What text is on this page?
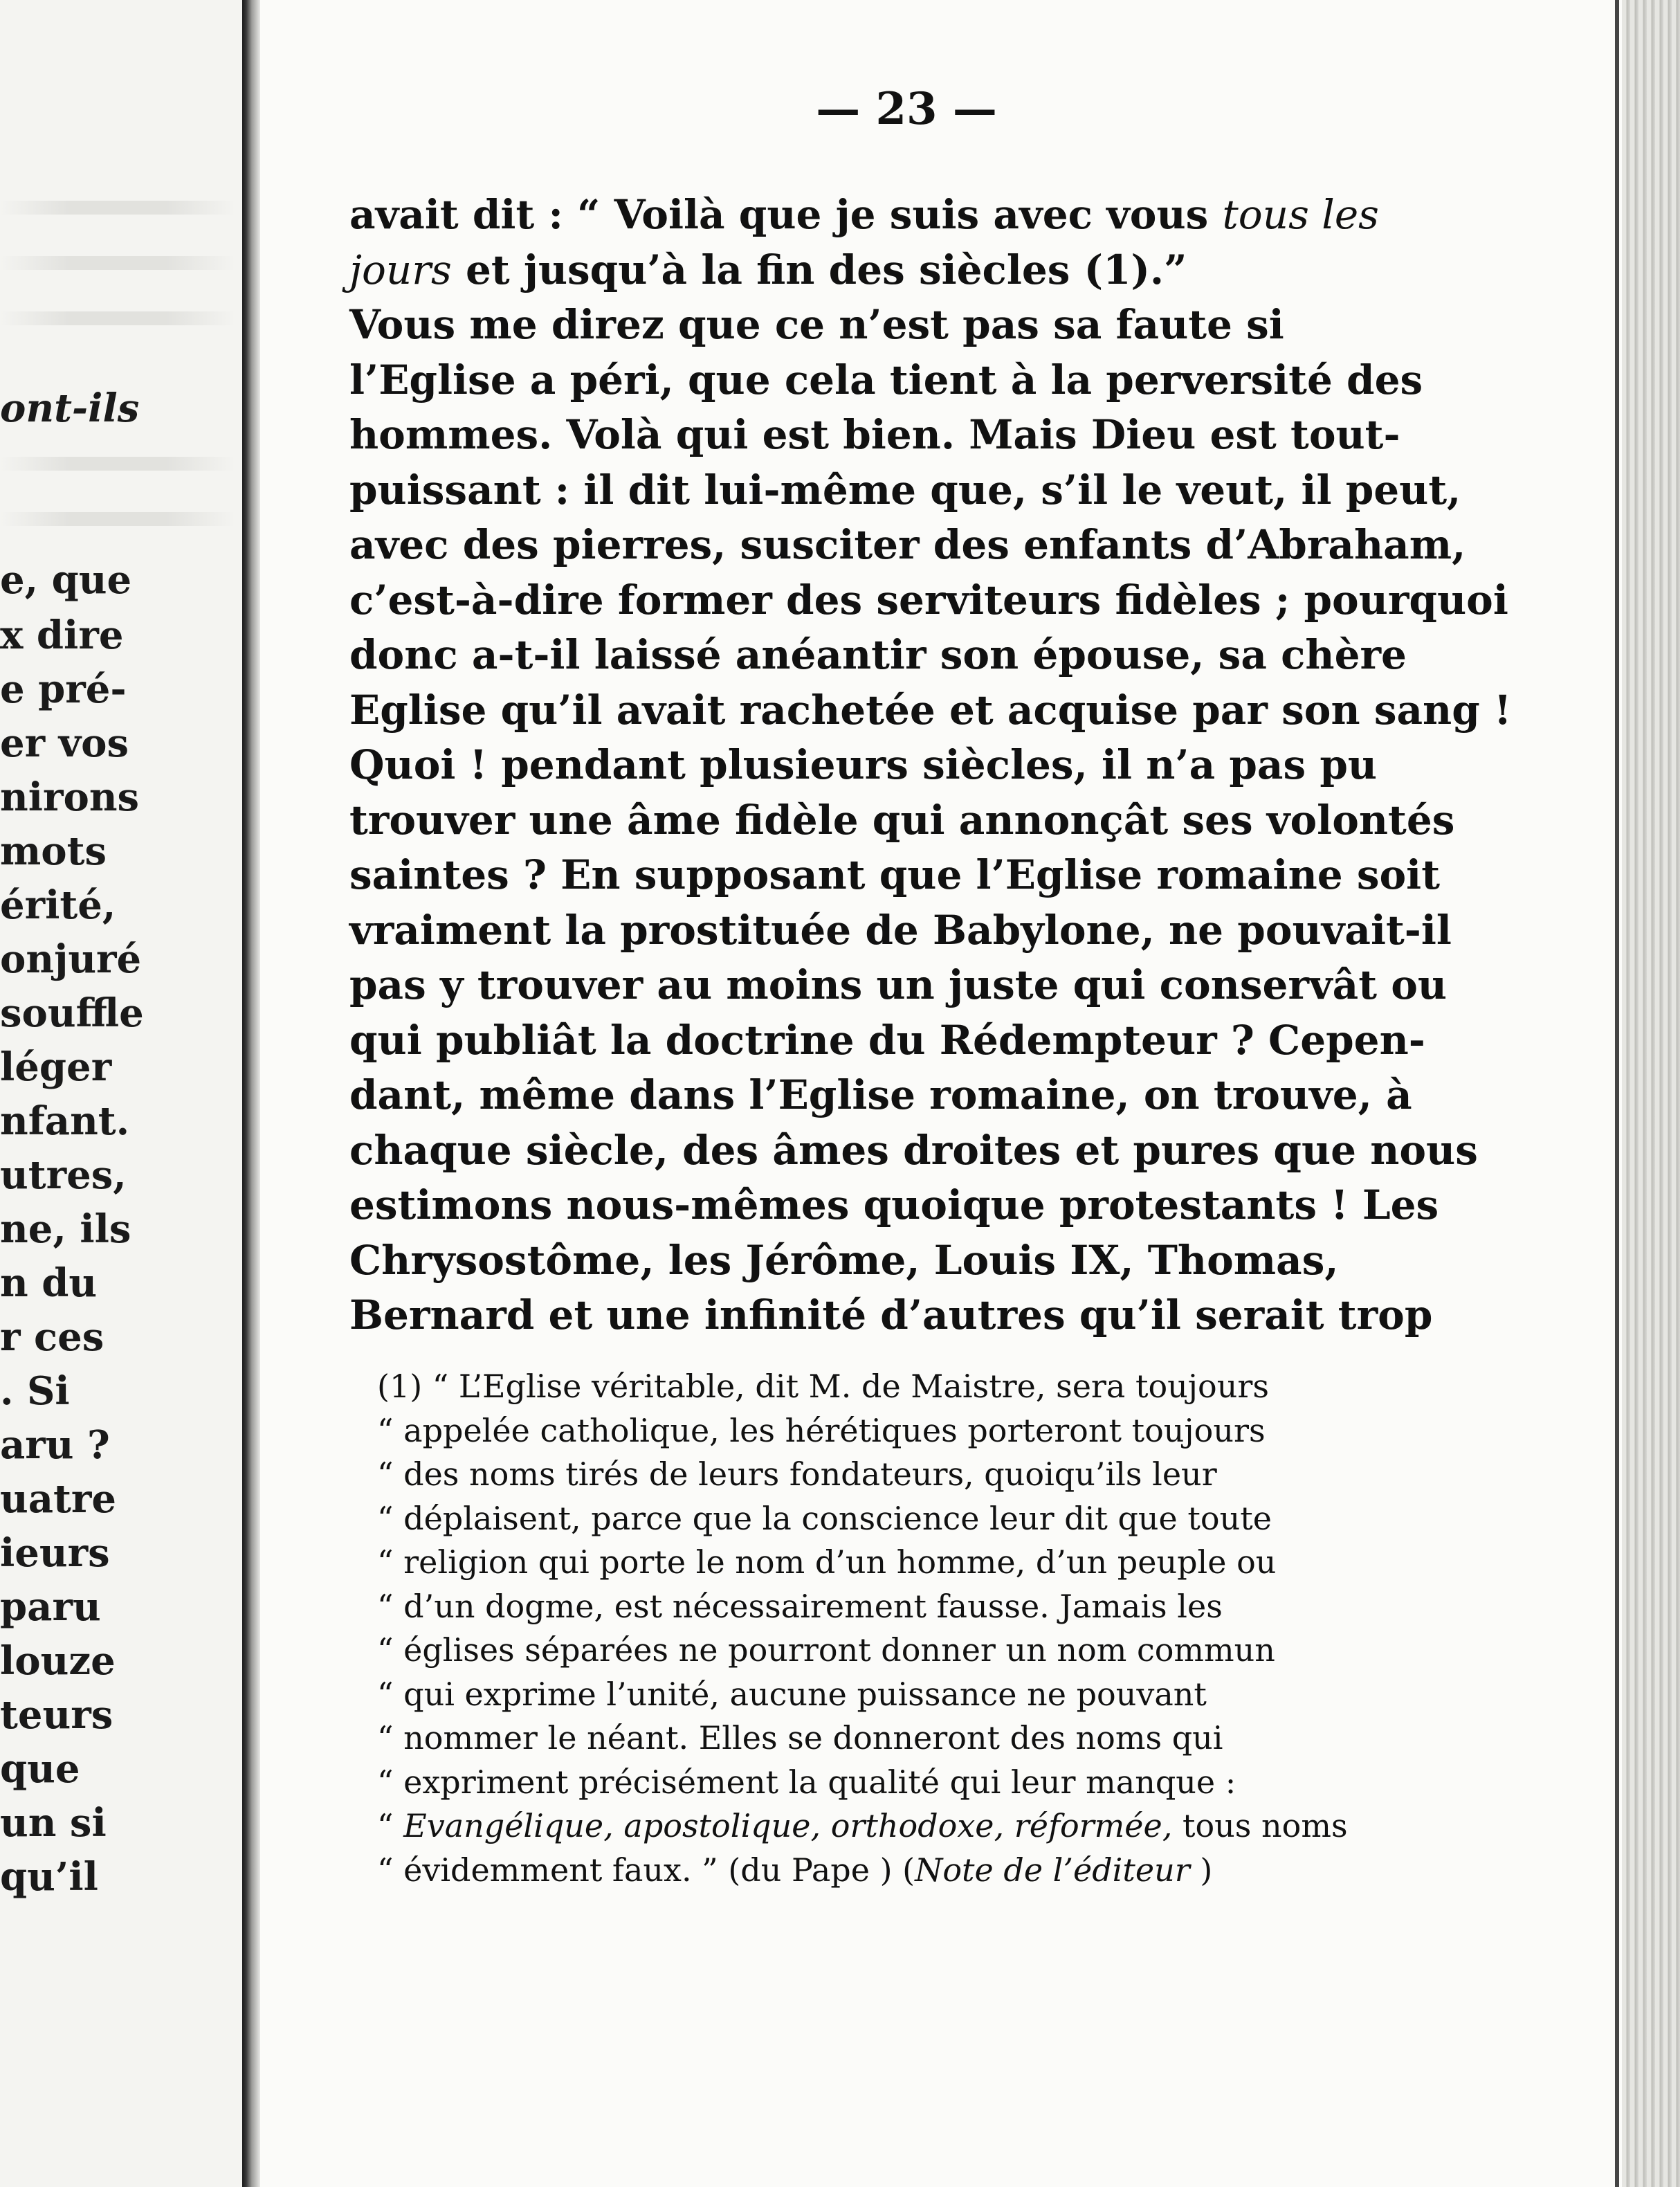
— 23 —
avait dit : “ Voilà que je suis avec vous tous les
jours et jusqu’à la fin des siècles (1).”
Vous me direz que ce n’est pas sa faute si
l’Eglise a péri, que cela tient à la perversité des
hommes. Volà qui est bien. Mais Dieu est tout-
puissant : il dit lui-même que, s’il le veut, il peut,
avec des pierres, susciter des enfants d’Abraham,
c’est-à-dire former des serviteurs fidèles ; pourquoi
donc a-t-il laissé anéantir son épouse, sa chère
Eglise qu’il avait rachetée et acquise par son sang !
Quoi ! pendant plusieurs siècles, il n’a pas pu
trouver une âme fidèle qui annonçât ses volontés
saintes ? En supposant que l’Eglise romaine soit
vraiment la prostituée de Babylone, ne pouvait-il
pas y trouver au moins un juste qui conservât ou
qui publiât la doctrine du Rédempteur ? Cepen-
dant, même dans l’Eglise romaine, on trouve, à
chaque siècle, des âmes droites et pures que nous
estimons nous-mêmes quoique protestants ! Les
Chrysostôme, les Jérôme, Louis IX, Thomas,
Bernard et une infinité d’autres qu’il serait trop
(1) “ L’Eglise véritable, dit M. de Maistre, sera toujours
“ appelée catholique, les hérétiques porteront toujours
“ des noms tirés de leurs fondateurs, quoiqu’ils leur
“ déplaisent, parce que la conscience leur dit que toute
“ religion qui porte le nom d’un homme, d’un peuple ou
“ d’un dogme, est nécessairement fausse. Jamais les
“ églises séparées ne pourront donner un nom commun
“ qui exprime l’unité, aucune puissance ne pouvant
“ nommer le néant. Elles se donneront des noms qui
“ expriment précisément la qualité qui leur manque :
“ Evangélique, apostolique, orthodoxe, réformée, tous noms
“ évidemment faux. ” (du Pape ) (Note de l’éditeur )
ont-ils
e, que
x dire
e pré-
er vos
nirons
mots
érité,
onjuré
souffle
léger
nfant.
utres,
ne, ils
n du
r ces
. Si
aru ?
uatre
ieurs
paru
louze
teurs
que
un si
qu’il
